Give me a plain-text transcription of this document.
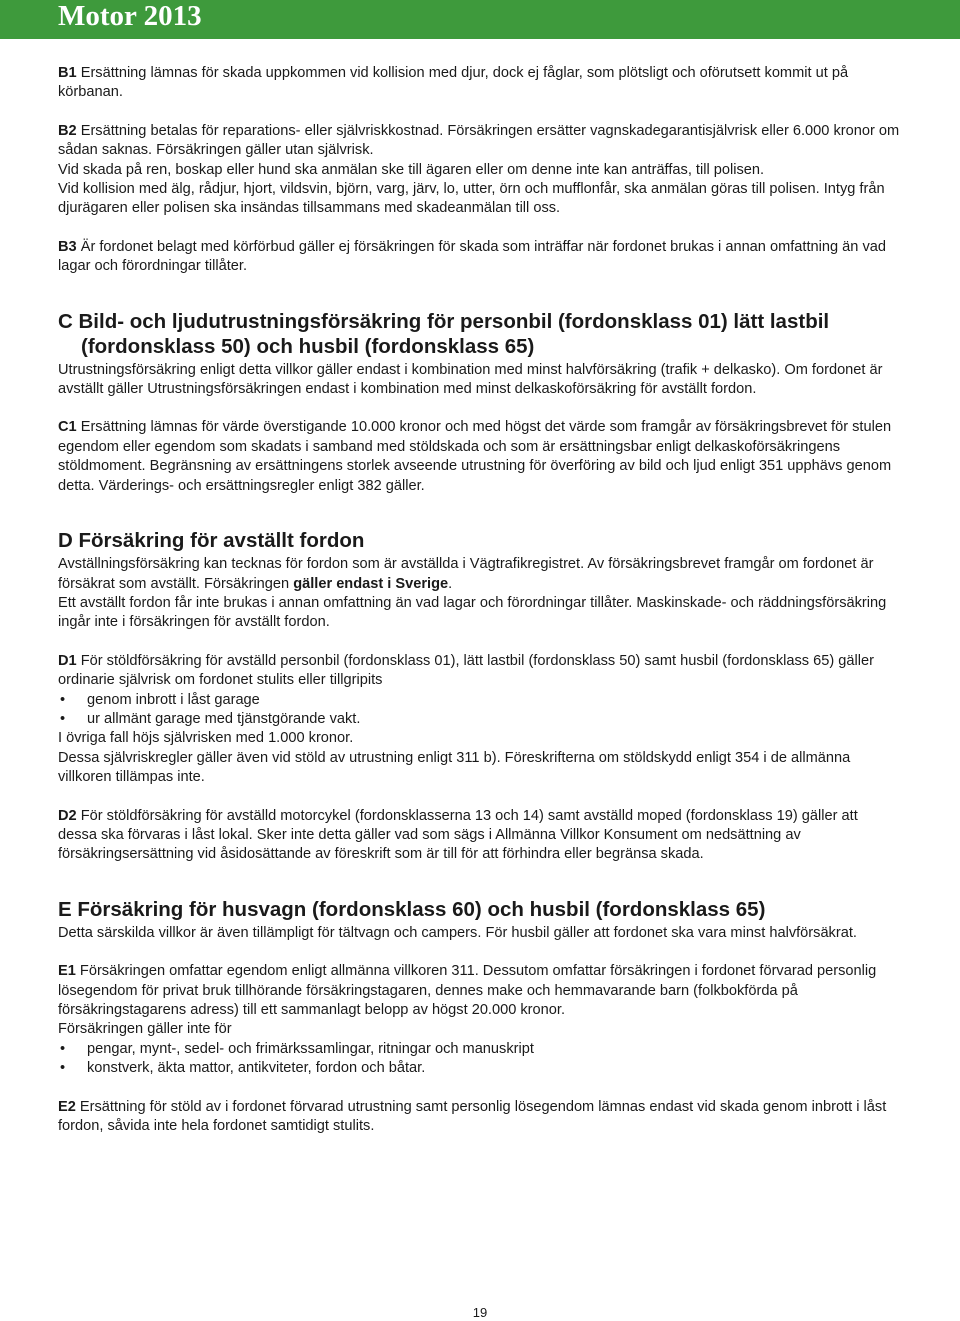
Motor 2013

B1 Ersättning lämnas för skada uppkommen vid kollision med djur, dock ej fåglar, som plötsligt och oförutsett kommit ut på körbanan.

B2 Ersättning betalas för reparations- eller självriskkostnad. Försäkringen ersätter vagnskadegarantisjälvrisk eller 6.000 kronor om sådan saknas. Försäkringen gäller utan självrisk.

Vid skada på ren, boskap eller hund ska anmälan ske till ägaren eller om denne inte kan anträffas, till polisen.

Vid kollision med älg, rådjur, hjort, vildsvin, björn, varg, järv, lo, utter, örn och mufflonfår, ska anmälan göras till polisen. Intyg från djurägaren eller polisen ska insändas tillsammans med skadeanmälan till oss.

B3 Är fordonet belagt med körförbud gäller ej försäkringen för skada som inträffar när fordonet brukas i annan omfattning än vad lagar och förordningar tillåter.

C Bild- och ljudutrustningsförsäkring för personbil (fordonsklass 01) lätt lastbil (fordonsklass 50) och husbil (fordonsklass 65)

Utrustningsförsäkring enligt detta villkor gäller endast i kombination med minst halvförsäkring (trafik + delkasko). Om fordonet är avställt gäller Utrustningsförsäkringen endast i kombination med minst delkaskoförsäkring för avställt fordon.

C1 Ersättning lämnas för värde överstigande 10.000 kronor och med högst det värde som framgår av försäkringsbrevet för stulen egendom eller egendom som skadats i samband med stöldskada och som är ersättningsbar enligt delkaskoförsäkringens stöldmoment. Begränsning av ersättningens storlek avseende utrustning för överföring av bild och ljud enligt 351 upphävs genom detta. Värderings- och ersättningsregler enligt 382 gäller.

D Försäkring för avställt fordon

Avställningsförsäkring kan tecknas för fordon som är avställda i Vägtrafikregistret. Av försäkringsbrevet framgår om fordonet är försäkrat som avställt. Försäkringen gäller endast i Sverige.

Ett avställt fordon får inte brukas i annan omfattning än vad lagar och förordningar tillåter. Maskinskade- och räddningsförsäkring ingår inte i försäkringen för avställt fordon.

D1 För stöldförsäkring för avställd personbil (fordonsklass 01), lätt lastbil (fordonsklass 50) samt husbil (fordonsklass 65) gäller ordinarie självrisk om fordonet stulits eller tillgripits

• genom inbrott i låst garage
• ur allmänt garage med tjänstgörande vakt.

I övriga fall höjs självrisken med 1.000 kronor.

Dessa självriskregler gäller även vid stöld av utrustning enligt 311 b). Föreskrifterna om stöldskydd enligt 354 i de allmänna villkoren tillämpas inte.

D2 För stöldförsäkring för avställd motorcykel (fordonsklasserna 13 och 14) samt avställd moped (fordonsklass 19) gäller att dessa ska förvaras i låst lokal. Sker inte detta gäller vad som sägs i Allmänna Villkor Konsument om nedsättning av försäkringsersättning vid åsidosättande av föreskrift som är till för att förhindra eller begränsa skada.

E Försäkring för husvagn (fordonsklass 60) och husbil (fordonsklass 65)

Detta särskilda villkor är även tillämpligt för tältvagn och campers. För husbil gäller att fordonet ska vara minst halvförsäkrat.

E1 Försäkringen omfattar egendom enligt allmänna villkoren 311. Dessutom omfattar försäkringen i fordonet förvarad personlig lösegendom för privat bruk tillhörande försäkringstagaren, dennes make och hemmavarande barn (folkbokförda på försäkringstagarens adress) till ett sammanlagt belopp av högst 20.000 kronor.

Försäkringen gäller inte för

• pengar, mynt-, sedel- och frimärkssamlingar, ritningar och manuskript
• konstverk, äkta mattor, antikviteter, fordon och båtar.

E2 Ersättning för stöld av i fordonet förvarad utrustning samt personlig lösegendom lämnas endast vid skada genom inbrott i låst fordon, såvida inte hela fordonet samtidigt stulits.

19
